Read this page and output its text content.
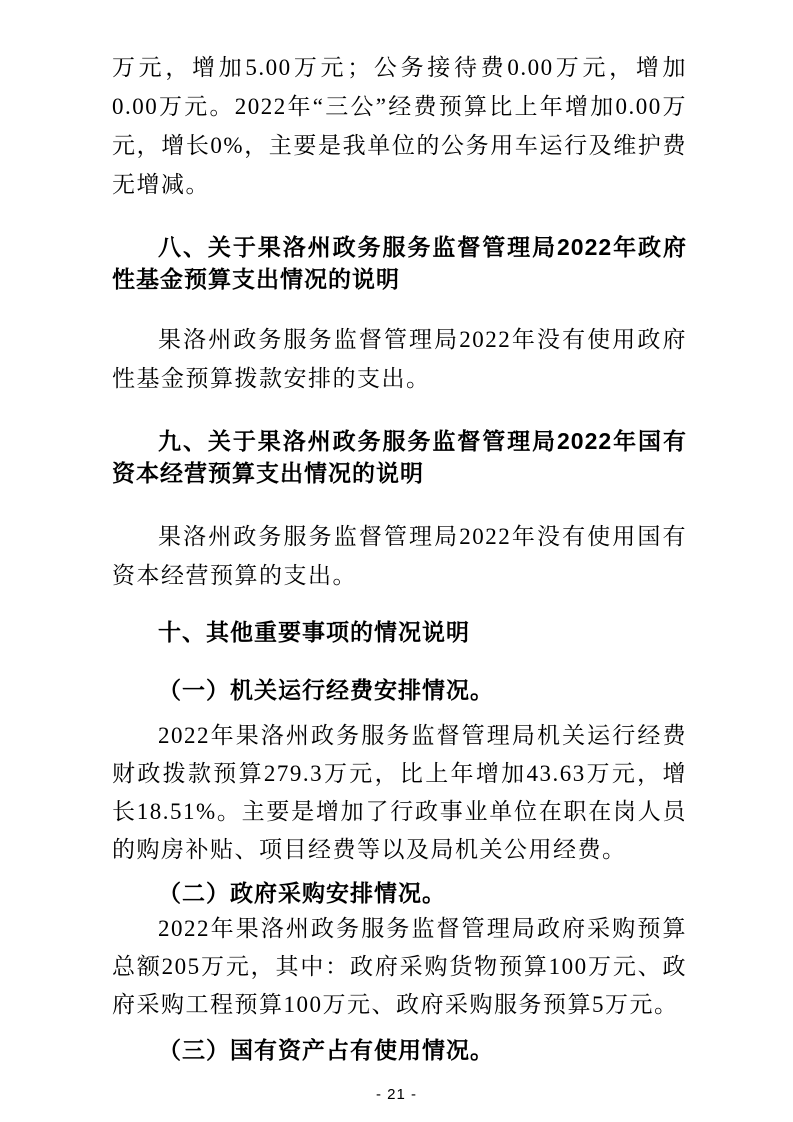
万元，增加5.00万元；公务接待费0.00万元，增加0.00万元。2022年“三公”经费预算比上年增加0.00万元，增长0%，主要是我单位的公务用车运行及维护费无增减。

八、关于果洛州政务服务监督管理局2022年政府性基金预算支出情况的说明

果洛州政务服务监督管理局2022年没有使用政府性基金预算拨款安排的支出。

九、关于果洛州政务服务监督管理局2022年国有资本经营预算支出情况的说明

果洛州政务服务监督管理局2022年没有使用国有资本经营预算的支出。

十、其他重要事项的情况说明
（一）机关运行经费安排情况。

2022年果洛州政务服务监督管理局机关运行经费财政拨款预算279.3万元，比上年增加43.63万元，增长18.51%。主要是增加了行政事业单位在职在岗人员的购房补贴、项目经费等以及局机关公用经费。

（二）政府采购安排情况。

2022年果洛州政务服务监督管理局政府采购预算总额205万元，其中：政府采购货物预算100万元、政府采购工程预算100万元、政府采购服务预算5万元。

（三）国有资产占有使用情况。
- 21 -
